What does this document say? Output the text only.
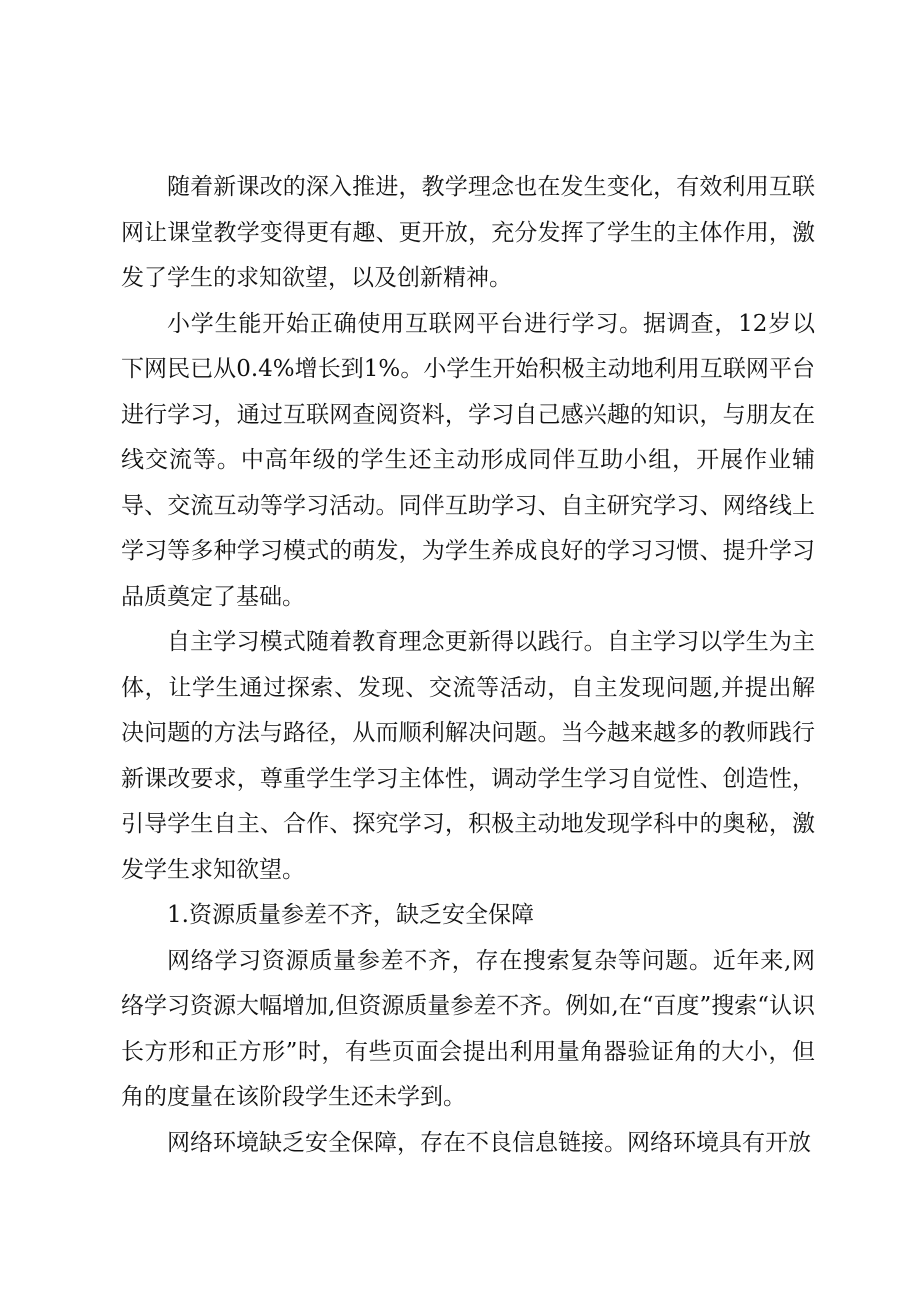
随着新课改的深入推进，教学理念也在发生变化，有效利用互联网让课堂教学变得更有趣、更开放，充分发挥了学生的主体作用，激发了学生的求知欲望，以及创新精神。

小学生能开始正确使用互联网平台进行学习。据调查，12岁以下网民已从0.4%增长到1%。小学生开始积极主动地利用互联网平台进行学习，通过互联网查阅资料，学习自己感兴趣的知识，与朋友在线交流等。中高年级的学生还主动形成同伴互助小组，开展作业辅导、交流互动等学习活动。同伴互助学习、自主研究学习、网络线上学习等多种学习模式的萌发，为学生养成良好的学习习惯、提升学习品质奠定了基础。

自主学习模式随着教育理念更新得以践行。自主学习以学生为主体，让学生通过探索、发现、交流等活动，自主发现问题,并提出解决问题的方法与路径，从而顺利解决问题。当今越来越多的教师践行新课改要求，尊重学生学习主体性，调动学生学习自觉性、创造性，引导学生自主、合作、探究学习，积极主动地发现学科中的奥秘，激发学生求知欲望。

1.资源质量参差不齐，缺乏安全保障

网络学习资源质量参差不齐，存在搜索复杂等问题。近年来,网络学习资源大幅增加,但资源质量参差不齐。例如,在“百度”搜索“认识长方形和正方形”时，有些页面会提出利用量角器验证角的大小，但角的度量在该阶段学生还未学到。

网络环境缺乏安全保障，存在不良信息链接。网络环境具有开放
